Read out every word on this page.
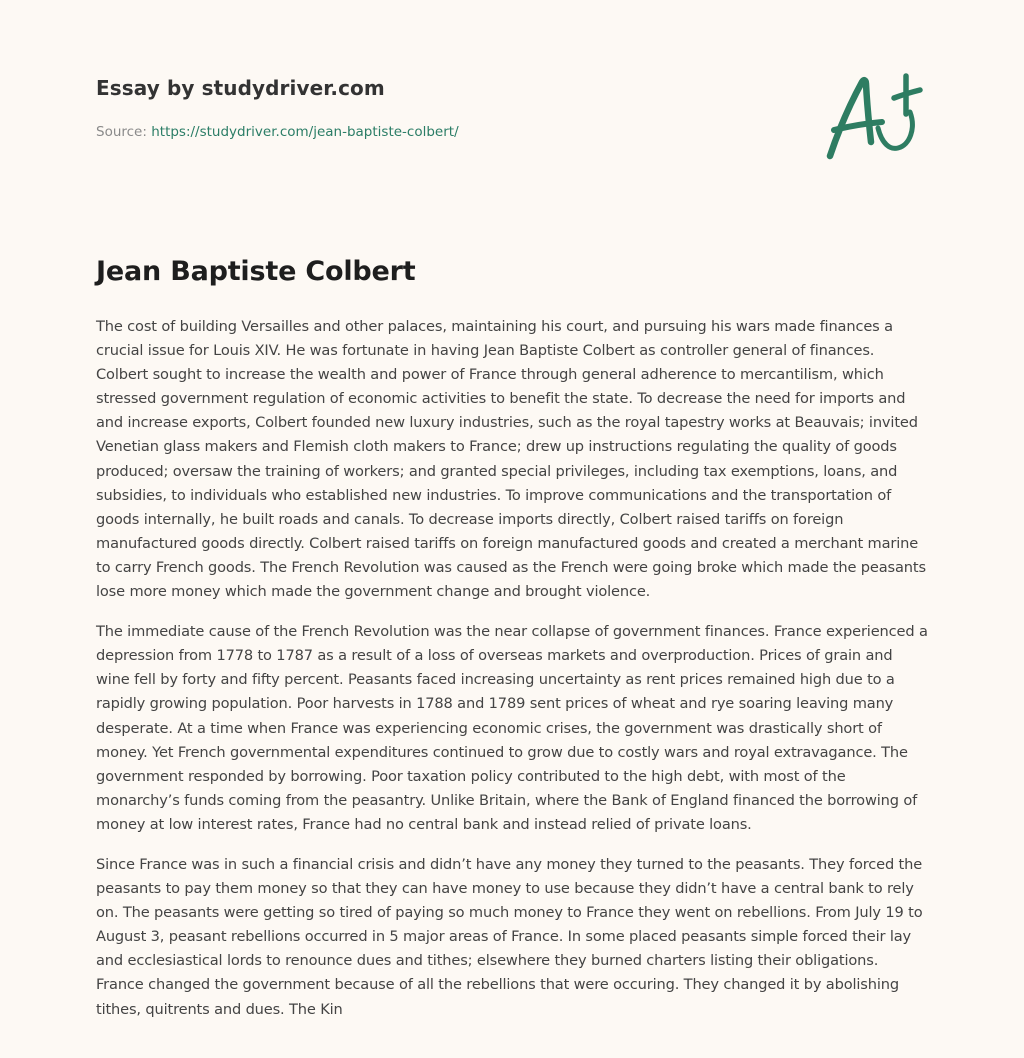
Essay by studydriver.com
Source: https://studydriver.com/jean-baptiste-colbert/
Jean Baptiste Colbert

The cost of building Versailles and other palaces, maintaining his court, and pursuing his wars made finances a crucial issue for Louis XIV. He was fortunate in having Jean Baptiste Colbert as controller general of finances. Colbert sought to increase the wealth and power of France through general adherence to mercantilism, which stressed government regulation of economic activities to benefit the state. To decrease the need for imports and and increase exports, Colbert founded new luxury industries, such as the royal tapestry works at Beauvais; invited Venetian glass makers and Flemish cloth makers to France; drew up instructions regulating the quality of goods produced; oversaw the training of workers; and granted special privileges, including tax exemptions, loans, and subsidies, to individuals who established new industries. To improve communications and the transportation of goods internally, he built roads and canals. To decrease imports directly, Colbert raised tariffs on foreign manufactured goods directly. Colbert raised tariffs on foreign manufactured goods and created a merchant marine to carry French goods. The French Revolution was caused as the French were going broke which made the peasants lose more money which made the government change and brought violence.

The immediate cause of the French Revolution was the near collapse of government finances. France experienced a depression from 1778 to 1787 as a result of a loss of overseas markets and overproduction. Prices of grain and wine fell by forty and fifty percent. Peasants faced increasing uncertainty as rent prices remained high due to a rapidly growing population. Poor harvests in 1788 and 1789 sent prices of wheat and rye soaring leaving many desperate. At a time when France was experiencing economic crises, the government was drastically short of money. Yet French governmental expenditures continued to grow due to costly wars and royal extravagance. The government responded by borrowing. Poor taxation policy contributed to the high debt, with most of the monarchy’s funds coming from the peasantry. Unlike Britain, where the Bank of England financed the borrowing of money at low interest rates, France had no central bank and instead relied of private loans.

Since France was in such a financial crisis and didn’t have any money they turned to the peasants. They forced the peasants to pay them money so that they can have money to use because they didn’t have a central bank to rely on. The peasants were getting so tired of paying so much money to France they went on rebellions. From July 19 to August 3, peasant rebellions occurred in 5 major areas of France. In some placed peasants simple forced their lay and ecclesiastical lords to renounce dues and tithes; elsewhere they burned charters listing their obligations. France changed the government because of all the rebellions that were occuring. They changed it by abolishing tithes, quitrents and dues. The Kin
